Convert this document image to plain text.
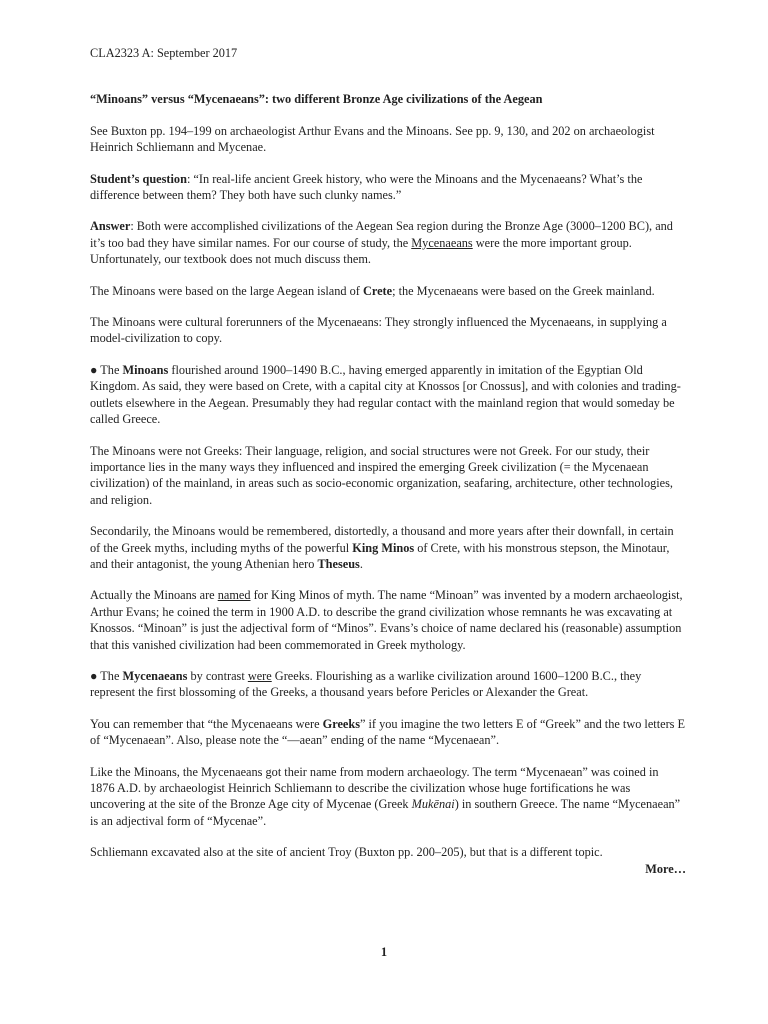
CLA2323 A: September 2017

“Minoans” versus “Mycenaeans”: two different Bronze Age civilizations of the Aegean

See Buxton pp. 194–199 on archaeologist Arthur Evans and the Minoans. See pp. 9, 130, and 202 on archaeologist Heinrich Schliemann and Mycenae.

Student’s question: “In real-life ancient Greek history, who were the Minoans and the Mycenaeans? What’s the difference between them? They both have such clunky names.”

Answer: Both were accomplished civilizations of the Aegean Sea region during the Bronze Age (3000–1200 BC), and it’s too bad they have similar names. For our course of study, the Mycenaeans were the more important group. Unfortunately, our textbook does not much discuss them.

The Minoans were based on the large Aegean island of Crete; the Mycenaeans were based on the Greek mainland.

The Minoans were cultural forerunners of the Mycenaeans: They strongly influenced the Mycenaeans, in supplying a model-civilization to copy.

● The Minoans flourished around 1900–1490 B.C., having emerged apparently in imitation of the Egyptian Old Kingdom. As said, they were based on Crete, with a capital city at Knossos [or Cnossus], and with colonies and trading-outlets elsewhere in the Aegean. Presumably they had regular contact with the mainland region that would someday be called Greece.

The Minoans were not Greeks: Their language, religion, and social structures were not Greek. For our study, their importance lies in the many ways they influenced and inspired the emerging Greek civilization (= the Mycenaean civilization) of the mainland, in areas such as socio-economic organization, seafaring, architecture, other technologies, and religion.

Secondarily, the Minoans would be remembered, distortedly, a thousand and more years after their downfall, in certain of the Greek myths, including myths of the powerful King Minos of Crete, with his monstrous stepson, the Minotaur, and their antagonist, the young Athenian hero Theseus.

Actually the Minoans are named for King Minos of myth. The name “Minoan” was invented by a modern archaeologist, Arthur Evans; he coined the term in 1900 A.D. to describe the grand civilization whose remnants he was excavating at Knossos. “Minoan” is just the adjectival form of “Minos”. Evans’s choice of name declared his (reasonable) assumption that this vanished civilization had been commemorated in Greek mythology.

● The Mycenaeans by contrast were Greeks. Flourishing as a warlike civilization around 1600–1200 B.C., they represent the first blossoming of the Greeks, a thousand years before Pericles or Alexander the Great.

You can remember that “the Mycenaeans were Greeks” if you imagine the two letters E of “Greek” and the two letters E of “Mycenaean”. Also, please note the “—aean” ending of the name “Mycenaean”.

Like the Minoans, the Mycenaeans got their name from modern archaeology. The term “Mycenaean” was coined in 1876 A.D. by archaeologist Heinrich Schliemann to describe the civilization whose huge fortifications he was uncovering at the site of the Bronze Age city of Mycenae (Greek Mukēnai) in southern Greece. The name “Mycenaean” is an adjectival form of “Mycenae”.

Schliemann excavated also at the site of ancient Troy (Buxton pp. 200–205), but that is a different topic.

More…

1
